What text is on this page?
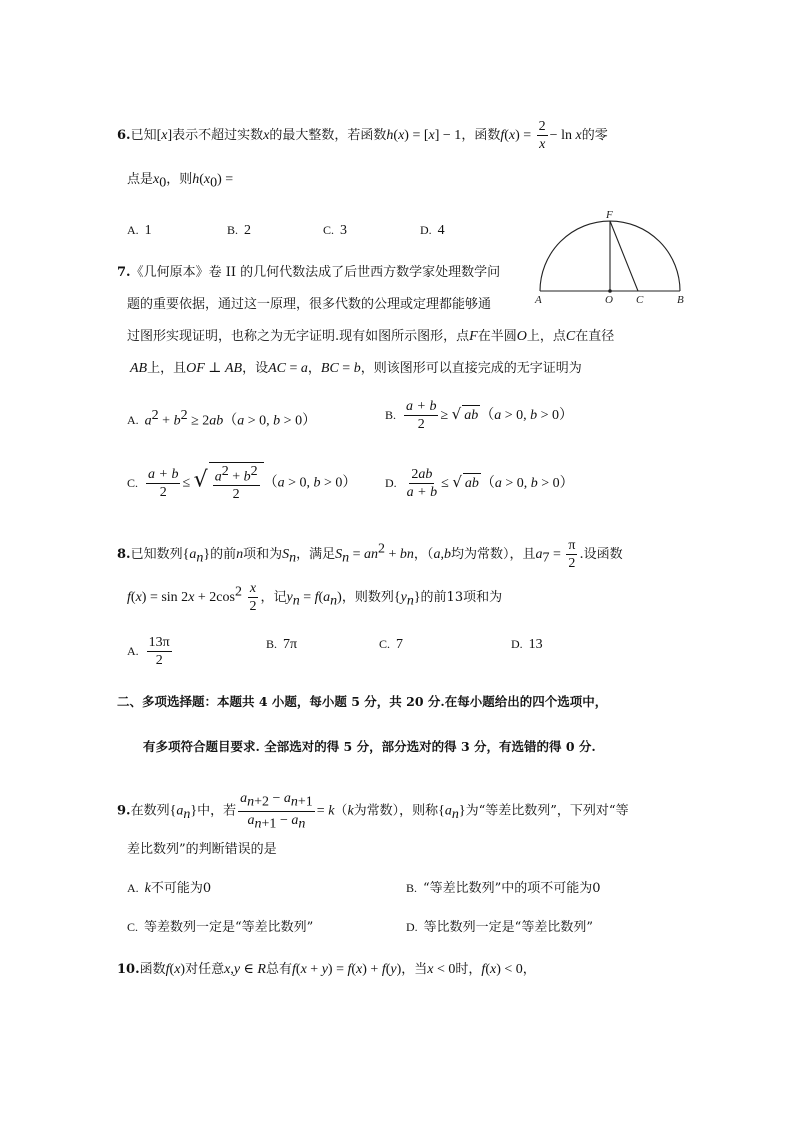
6.已知[x]表示不超过实数x的最大整数，若函数h(x) = [x] − 1，函数$f(x) = \frac{2}{x} - \ln x$的零
点是$x_0$，则$h(x_0)$ =
A. 1	B. 2	C. 3	D. 4
F
A	O C	B
7.《几何原本》卷 II 的几何代数法成了后世西方数学家处理数学问
题的重要依据，通过这一原理，很多代数的公理或定理都能够通
过图形实现证明，也称之为无字证明.现有如图所示图形，点F在半圆O上，点C在直径
AB上，且OF ⊥ AB，设AC = a，BC = b，则该图形可以直接完成的无字证明为
A. $a^2 + b^2 \ge 2ab(a > 0$, b > 0）	B. $\frac{a + b}{2}$ ≥ √ ab （a > 0, b > 0）
C. $\frac{a + b}{2}$ ≤ √ $\frac{a^2 + b^2}{2} (a > 0$, b > 0） D. $\frac{2ab}{a + b}$ ≤ √ ab （a > 0, b > 0）
8.已知数列$\{a_n\}$的前n项和为$S_n$，满足$S_n = an^2$ + bn，（a,b均为常数），且$a_7 = \frac{\pi}{2}$ .设函数
$f(x) = \sin 2x + 2\cos^2 \frac{x}{2}$ ，记$y_n = f(a_n)$，则数列$\{y_n\}$的前13项和为
A. $\frac{13\pi}{2}$	B. 7π	C. 7	D. 13
二、多项选择题：本题共 4 小题，每小题 5 分，共 20 分.在每小题给出的四个选项中，
有多项符合题目要求. 全部选对的得 5 分，部分选对的得 3 分，有选错的得 0 分.
9.在数列$\{a_n\}$中，若 $\frac{a_{n+2} - a_{n+1}}{a_{n+1} - a_n} = k(k$为常数），则称$\{a_n\}$为“等差比数列”，下列对“等
差比数列”的判断错误的是
A. k不可能为0	B. “等差比数列”中的项不可能为0
C. 等差数列一定是“等差比数列”	D. 等比数列一定是“等差比数列”
10.函数f(x)对任意x,y ∈ R总有f(x + y) = f(x) + f(y)，当x < 0时，f(x) < 0，
